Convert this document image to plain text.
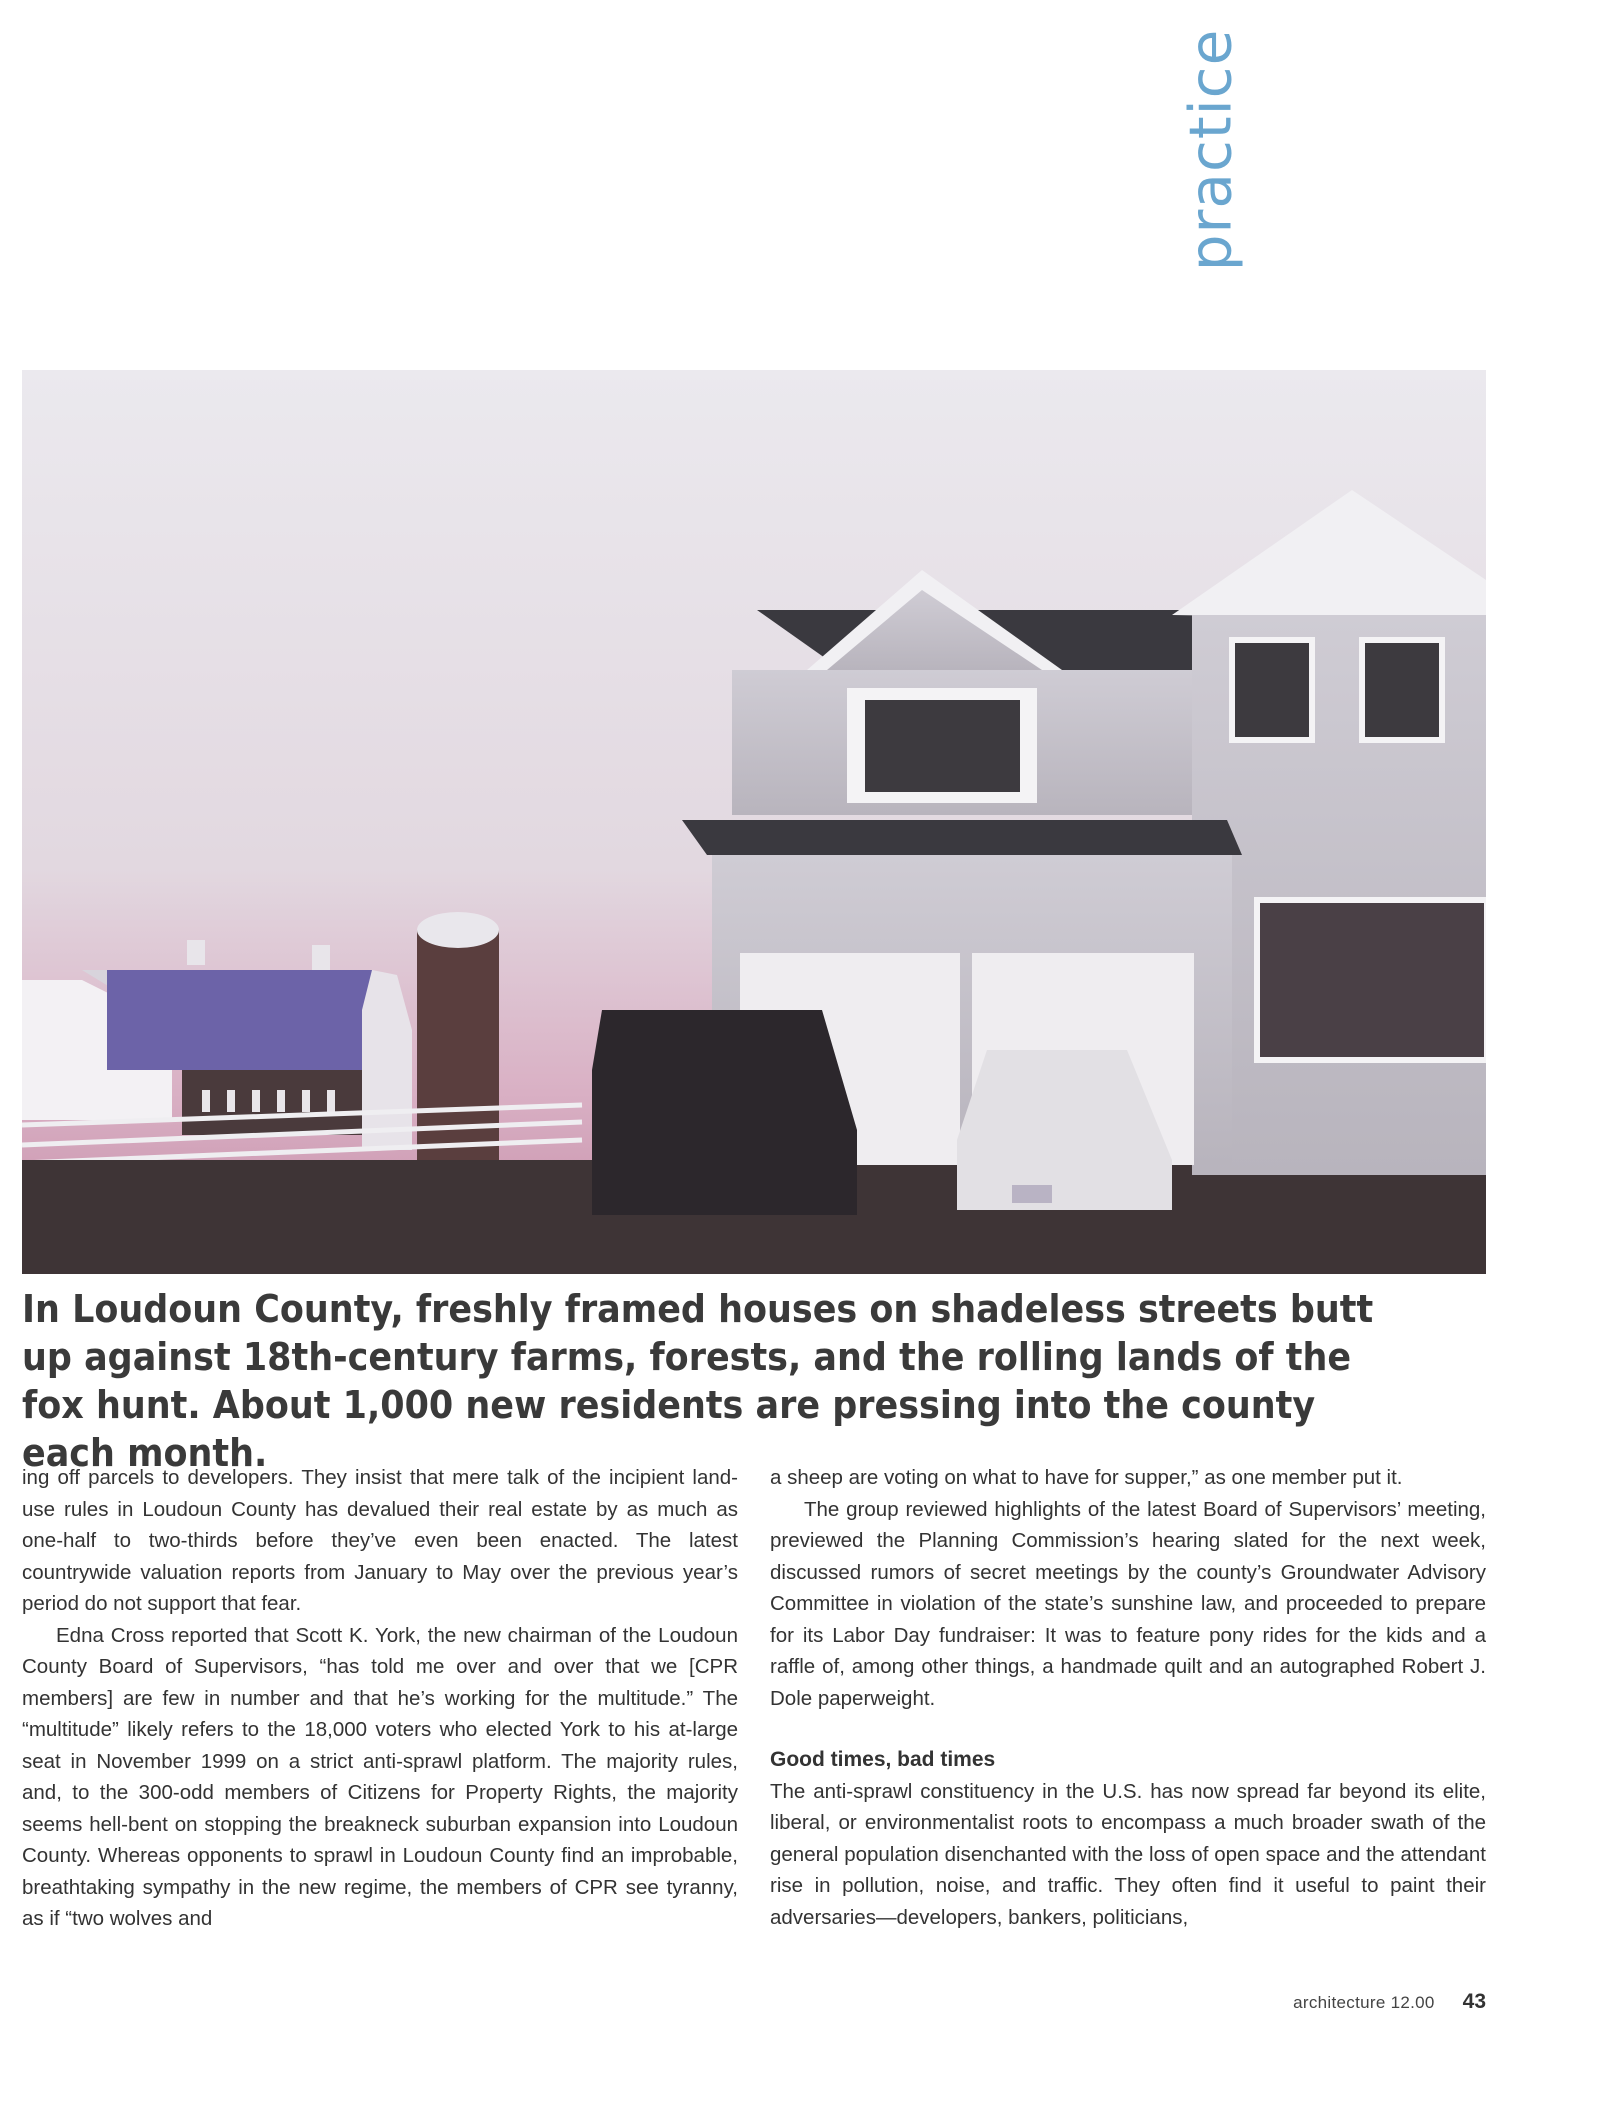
practice

In Loudoun County, freshly framed houses on shadeless streets butt up against 18th-century farms, forests, and the rolling lands of the fox hunt. About 1,000 new residents are pressing into the county each month.

ing off parcels to developers. They insist that mere talk of the incipient land-use rules in Loudoun County has devalued their real estate by as much as one-half to two-thirds before they’ve even been enacted. The latest countrywide valuation reports from January to May over the previous year’s period do not support that fear.

Edna Cross reported that Scott K. York, the new chairman of the Loudoun County Board of Supervisors, “has told me over and over that we [CPR members] are few in number and that he’s working for the multitude.” The “multitude” likely refers to the 18,000 voters who elected York to his at-large seat in November 1999 on a strict anti-sprawl platform. The majority rules, and, to the 300-odd members of Citizens for Property Rights, the majority seems hell-bent on stopping the breakneck suburban expansion into Loudoun County. Whereas opponents to sprawl in Loudoun County find an improbable, breathtaking sympathy in the new regime, the members of CPR see tyranny, as if “two wolves and

a sheep are voting on what to have for supper,” as one member put it.

The group reviewed highlights of the latest Board of Supervisors’ meeting, previewed the Planning Commission’s hearing slated for the next week, discussed rumors of secret meetings by the county’s Groundwater Advisory Committee in violation of the state’s sunshine law, and proceeded to prepare for its Labor Day fundraiser: It was to feature pony rides for the kids and a raffle of, among other things, a handmade quilt and an autographed Robert J. Dole paperweight.

Good times, bad times

The anti-sprawl constituency in the U.S. has now spread far beyond its elite, liberal, or environmentalist roots to encompass a much broader swath of the general population disenchanted with the loss of open space and the attendant rise in pollution, noise, and traffic. They often find it useful to paint their adversaries—developers, bankers, politicians,

architecture 12.00 43
